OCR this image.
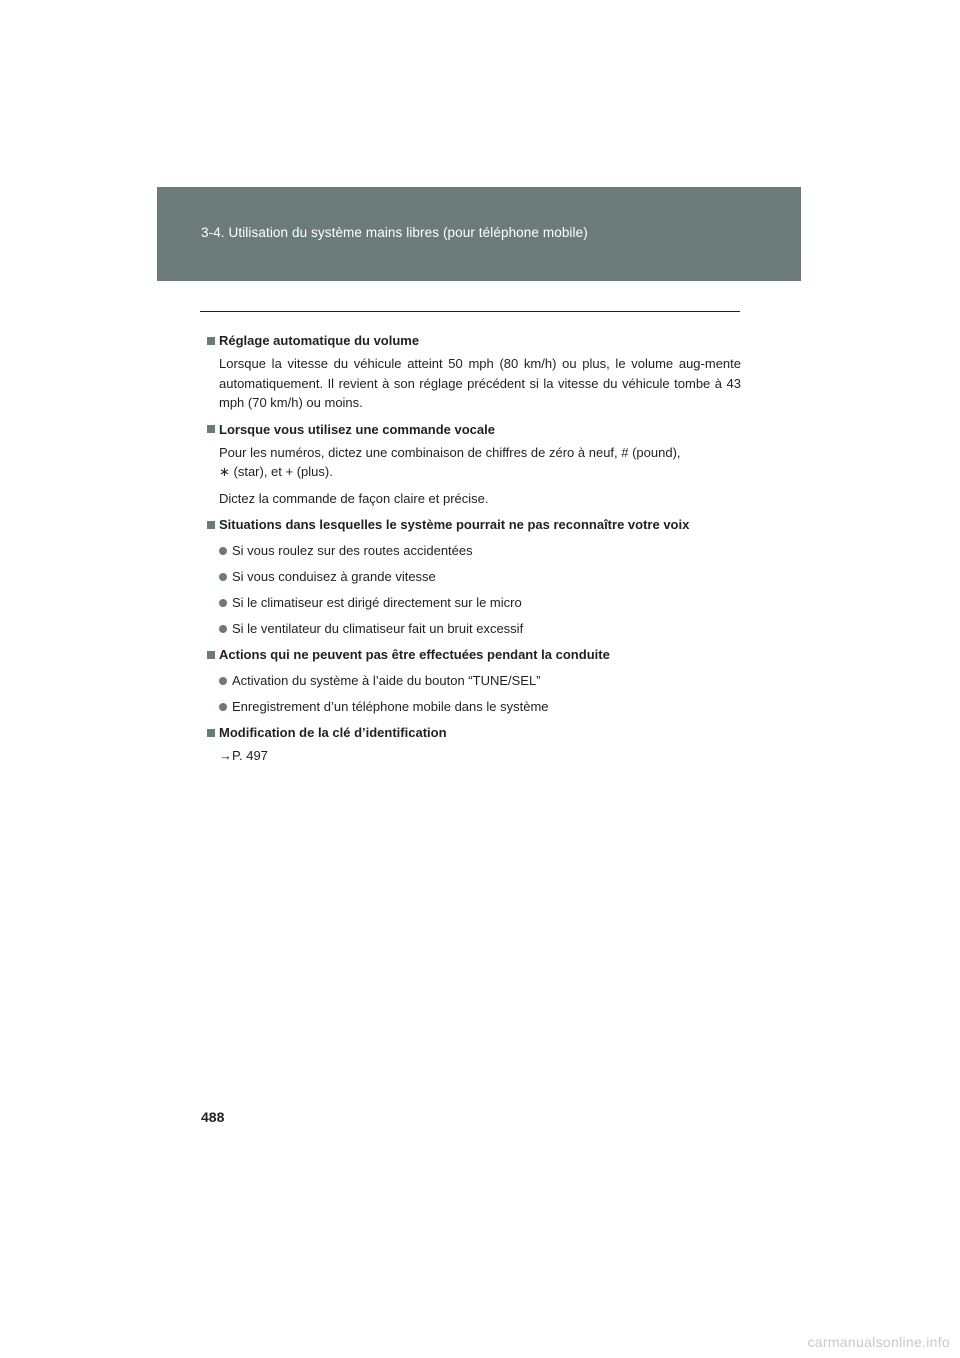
3-4. Utilisation du système mains libres (pour téléphone mobile)
Réglage automatique du volume
Lorsque la vitesse du véhicule atteint 50 mph (80 km/h) ou plus, le volume aug-mente automatiquement. Il revient à son réglage précédent si la vitesse du véhicule tombe à 43 mph (70 km/h) ou moins.
Lorsque vous utilisez une commande vocale
Pour les numéros, dictez une combinaison de chiffres de zéro à neuf, # (pound),
∗ (star), et + (plus).
Dictez la commande de façon claire et précise.
Situations dans lesquelles le système pourrait ne pas reconnaître votre voix
Si vous roulez sur des routes accidentées
Si vous conduisez à grande vitesse
Si le climatiseur est dirigé directement sur le micro
Si le ventilateur du climatiseur fait un bruit excessif
Actions qui ne peuvent pas être effectuées pendant la conduite
Activation du système à l’aide du bouton “TUNE/SEL”
Enregistrement d’un téléphone mobile dans le système
Modification de la clé d’identification
→P. 497
488
carmanualsonline.info
